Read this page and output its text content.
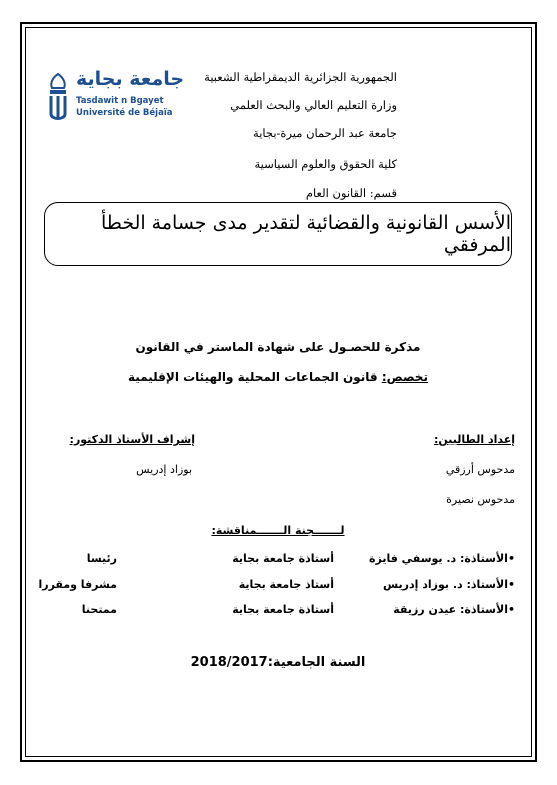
جامعة بجاية
Tasdawit n Bgayet
Université de Béjaïa
الجمهورية الجزائرية الديمقراطية الشعبية
وزارة التعليم العالي والبحث العلمي
جامعة عبد الرحمان ميرة-بجاية
كلية الحقوق والعلوم السياسية
قسم: القانون العام
الأسس القانونية والقضائية لتقدير مدى جسامة الخطأ المرفقي
مذكرة للحصـول على شهادة الماستر في القانون
تخصص: قانون الجماعات المحلية والهيئات الإقليمية
إعداد الطالبين:
إشراف الأستاذ الدكتور:
مدحوس أرزقي
بوزاد إدريس
مدحوس نصيرة
لـــــــجنة الـــــــمناقشة:
•الأستاذة: د. يوسفي فايزة
أستاذة جامعة بجاية
رئيسا
•الأستاذ: د. بوزاد إدريس
أستاذ جامعة بجاية
مشرفا ومقررا
•الأستاذة: عيدن رزيقة
أستاذة جامعة بجاية
ممتحنا
السنة الجامعية:2018/2017
